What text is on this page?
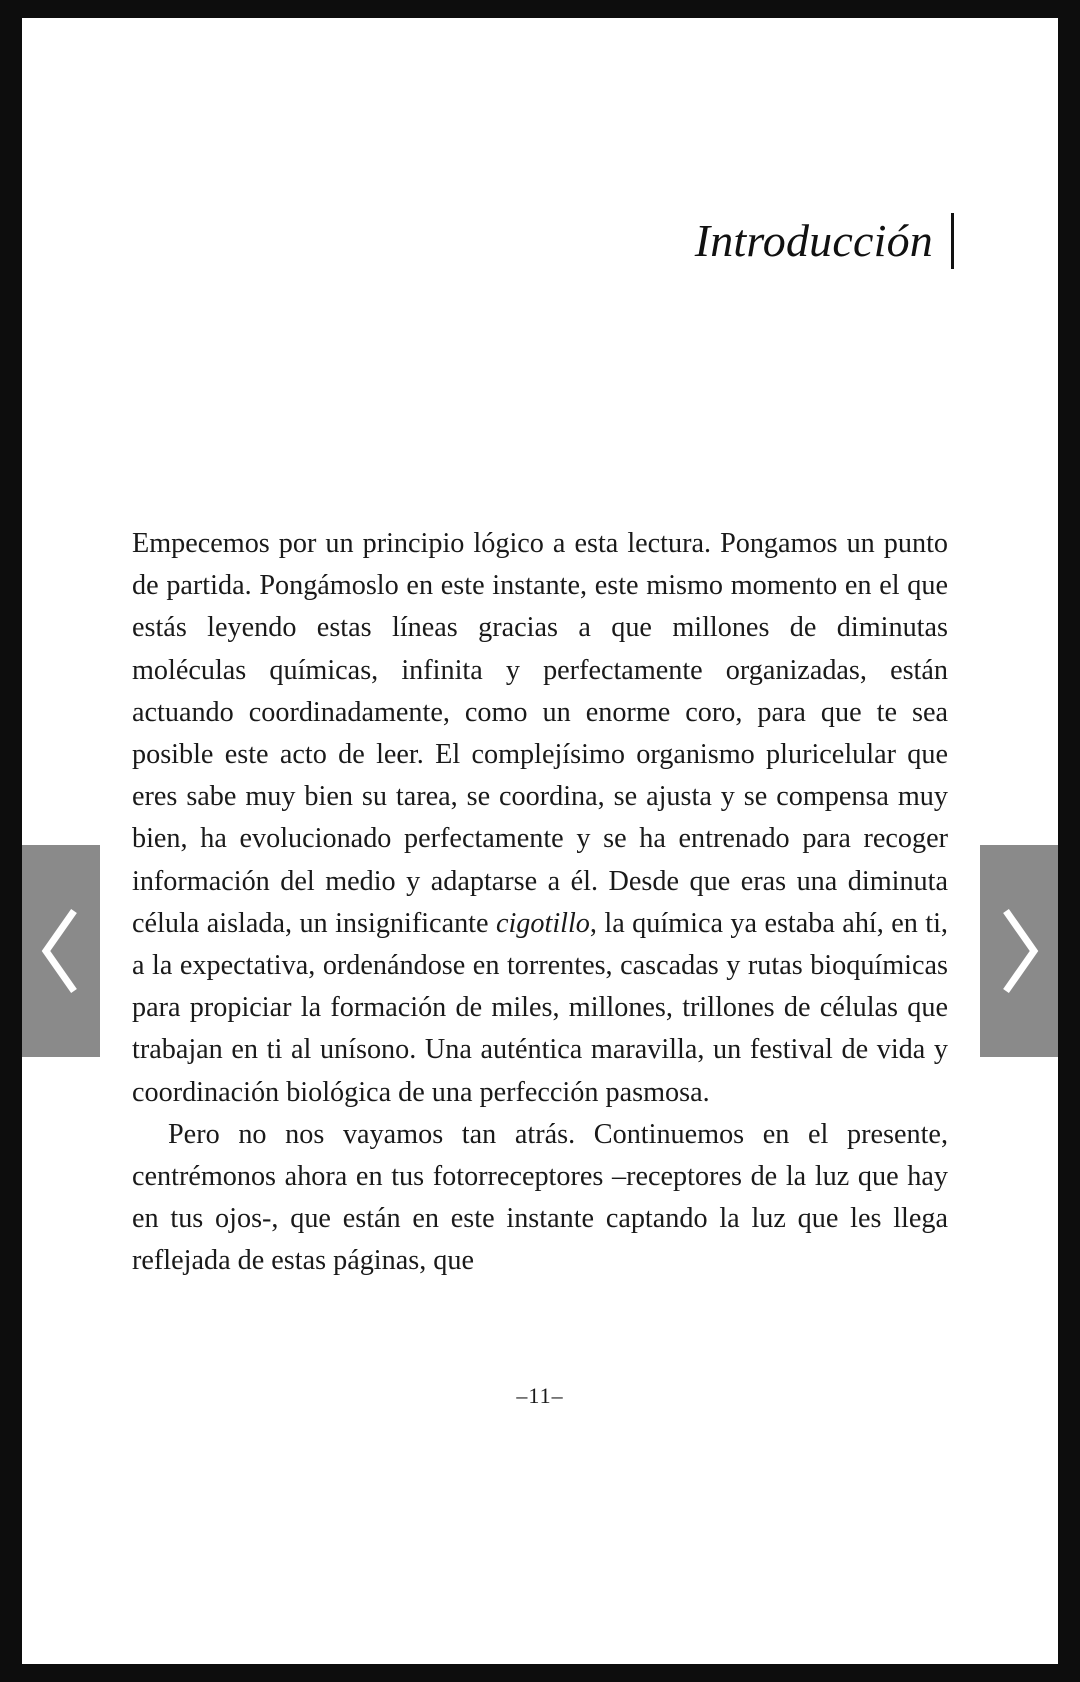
Introducción

Empecemos por un principio lógico a esta lectura. Pongamos un punto de partida. Pongámoslo en este instante, este mismo momento en el que estás leyendo estas líneas gracias a que millones de diminutas moléculas químicas, infinita y perfectamente organizadas, están actuando coordinadamente, como un enorme coro, para que te sea posible este acto de leer. El complejísimo organismo pluricelular que eres sabe muy bien su tarea, se coordina, se ajusta y se compensa muy bien, ha evolucionado perfectamente y se ha entrenado para recoger información del medio y adaptarse a él. Desde que eras una diminuta célula aislada, un insignificante cigotillo, la química ya estaba ahí, en ti, a la expectativa, ordenándose en torrentes, cascadas y rutas bioquímicas para propiciar la formación de miles, millones, trillones de células que trabajan en ti al unísono. Una auténtica maravilla, un festival de vida y coordinación biológica de una perfección pasmosa.

Pero no nos vayamos tan atrás. Continuemos en el presente, centrémonos ahora en tus fotorreceptores –receptores de la luz que hay en tus ojos-, que están en este instante captando la luz que les llega reflejada de estas páginas, que

–11–
